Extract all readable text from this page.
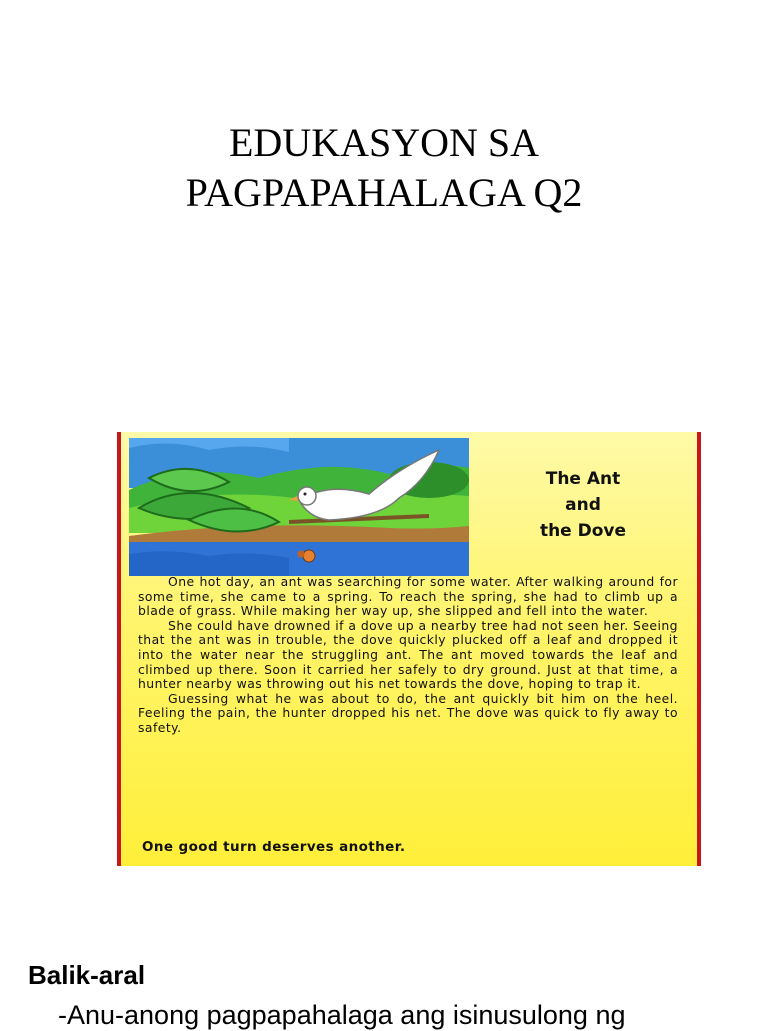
EDUKASYON SA
PAGPAPAHALAGA Q2
The Ant
and
the Dove

One hot day, an ant was searching for some water. After walking around for some time, she came to a spring. To reach the spring, she had to climb up a blade of grass. While making her way up, she slipped and fell into the water.

She could have drowned if a dove up a nearby tree had not seen her. Seeing that the ant was in trouble, the dove quickly plucked off a leaf and dropped it into the water near the struggling ant. The ant moved towards the leaf and climbed up there. Soon it carried her safely to dry ground. Just at that time, a hunter nearby was throwing out his net towards the dove, hoping to trap it.

Guessing what he was about to do, the ant quickly bit him on the heel. Feeling the pain, the hunter dropped his net. The dove was quick to fly away to safety.

One good turn deserves another.
Balik-aral
-Anu-anong pagpapahalaga ang isinusulong ng
